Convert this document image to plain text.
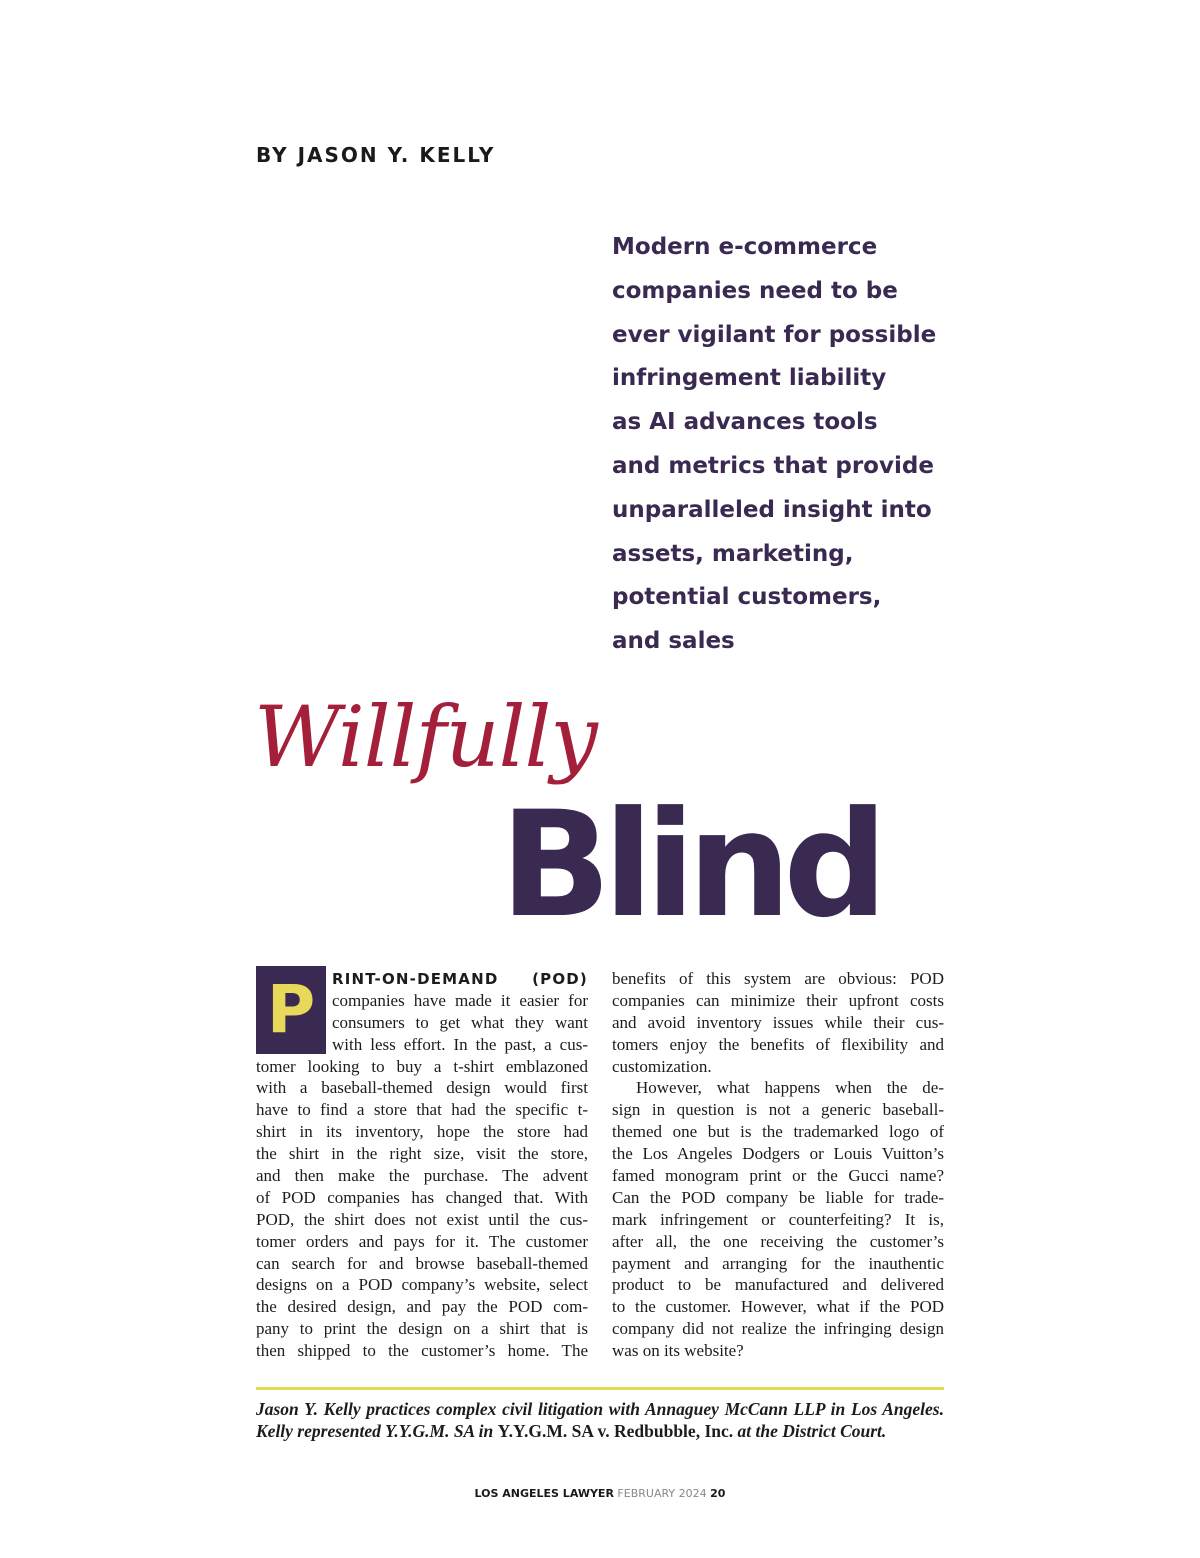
BY JASON Y. KELLY
Modern e-commerce
companies need to be
ever vigilant for possible
infringement liability
as AI advances tools
and metrics that provide
unparalleled insight into
assets, marketing,
potential customers,
and sales
Willfully
Blind
P	RINT-ON-DEMAND (POD)
companies have made it easier for
consumers to get what they want
with less effort. In the past, a cus-
tomer looking to buy a t-shirt emblazoned
with a baseball-themed design would first
have to find a store that had the specific t-
shirt in its inventory, hope the store had
the shirt in the right size, visit the store,
and then make the purchase. The advent
of POD companies has changed that. With
POD, the shirt does not exist until the cus-
tomer orders and pays for it. The customer
can search for and browse baseball-themed
designs on a POD company’s website, select
the desired design, and pay the POD com-
pany to print the design on a shirt that is
then shipped to the customer’s home. The
benefits of this system are obvious: POD
companies can minimize their upfront costs
and avoid inventory issues while their cus-
tomers enjoy the benefits of flexibility and
customization.
However, what happens when the de-
sign in question is not a generic baseball-
themed one but is the trademarked logo of
the Los Angeles Dodgers or Louis Vuitton’s
famed monogram print or the Gucci name?
Can the POD company be liable for trade-
mark infringement or counterfeiting? It is,
after all, the one receiving the customer’s
payment and arranging for the inauthentic
product to be manufactured and delivered
to the customer. However, what if the POD
company did not realize the infringing design
was on its website?
Jason Y. Kelly practices complex civil litigation with Annaguey McCann LLP in Los Angeles. Kelly represented Y.Y.G.M. SA in Y.Y.G.M. SA v. Redbubble, Inc. at the District Court.
LOS ANGELES LAWYER FEBRUARY 2024 20
